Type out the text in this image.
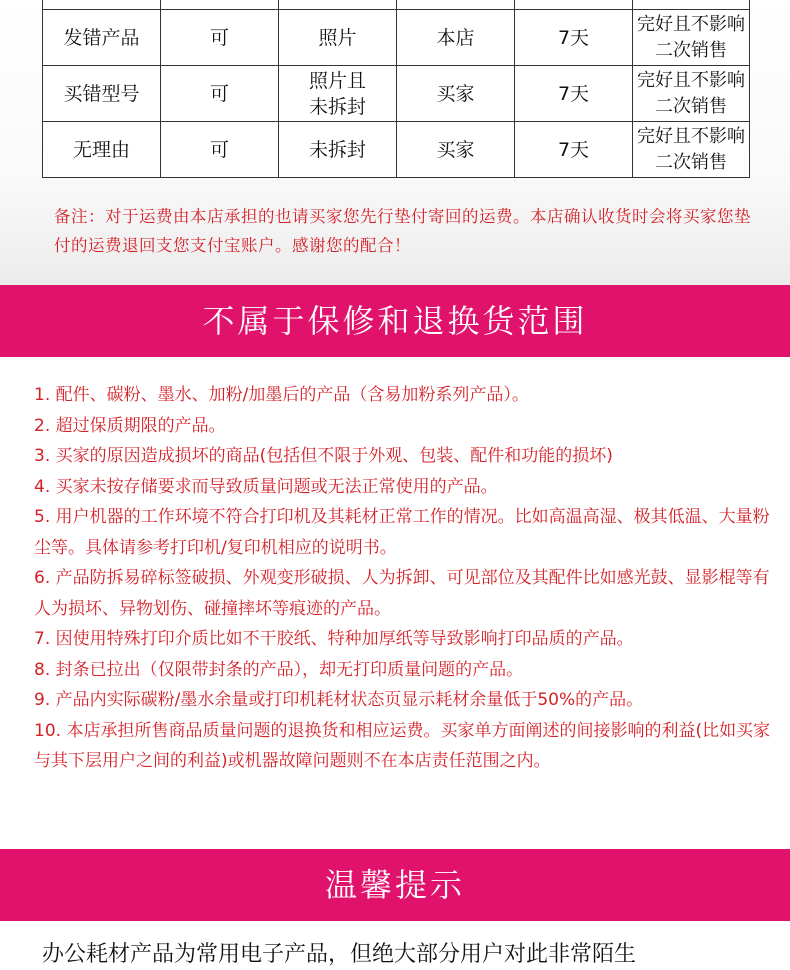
发错产品	可	照片	本店	7天	完好且不影响二次销售
买错型号	可	照片且未拆封	买家	7天	完好且不影响二次销售
无理由	可	未拆封	买家	7天	完好且不影响二次销售
备注：对于运费由本店承担的也请买家您先行垫付寄回的运费。本店确认收货时会将买家您垫付的运费退回支您支付宝账户。感谢您的配合！
不属于保修和退换货范围
1. 配件、碳粉、墨水、加粉/加墨后的产品（含易加粉系列产品）。
2. 超过保质期限的产品。
3. 买家的原因造成损坏的商品(包括但不限于外观、包装、配件和功能的损坏)
4. 买家未按存储要求而导致质量问题或无法正常使用的产品。
5. 用户机器的工作环境不符合打印机及其耗材正常工作的情况。比如高温高湿、极其低温、大量粉尘等。具体请参考打印机/复印机相应的说明书。
6. 产品防拆易碎标签破损、外观变形破损、人为拆卸、可见部位及其配件比如感光鼓、显影棍等有人为损坏、异物划伤、碰撞摔坏等痕迹的产品。
7. 因使用特殊打印介质比如不干胶纸、特种加厚纸等导致影响打印品质的产品。
8. 封条已拉出（仅限带封条的产品），却无打印质量问题的产品。
9. 产品内实际碳粉/墨水余量或打印机耗材状态页显示耗材余量低于50%的产品。
10. 本店承担所售商品质量问题的退换货和相应运费。买家单方面阐述的间接影响的利益(比如买家与其下层用户之间的利益)或机器故障问题则不在本店责任范围之内。
温馨提示
办公耗材产品为常用电子产品，但绝大部分用户对此非常陌生
